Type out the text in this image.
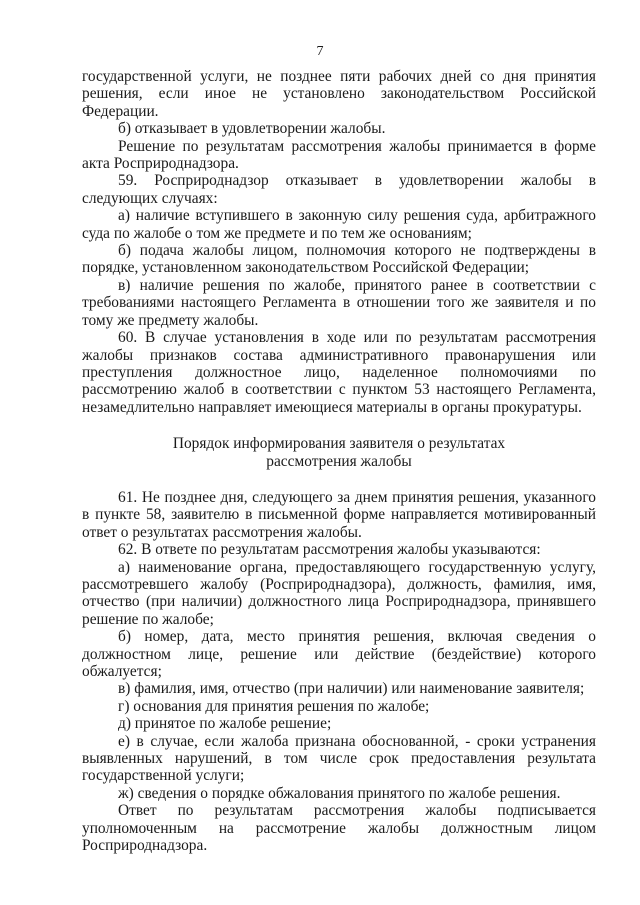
7

государственной услуги, не позднее пяти рабочих дней со дня принятия решения, если иное не установлено законодательством Российской Федерации.

б) отказывает в удовлетворении жалобы.

Решение по результатам рассмотрения жалобы принимается в форме акта Росприроднадзора.

59. Росприроднадзор отказывает в удовлетворении жалобы в следующих случаях:

а) наличие вступившего в законную силу решения суда, арбитражного суда по жалобе о том же предмете и по тем же основаниям;

б) подача жалобы лицом, полномочия которого не подтверждены в порядке, установленном законодательством Российской Федерации;

в) наличие решения по жалобе, принятого ранее в соответствии с требованиями настоящего Регламента в отношении того же заявителя и по тому же предмету жалобы.

60. В случае установления в ходе или по результатам рассмотрения жалобы признаков состава административного правонарушения или преступления должностное лицо, наделенное полномочиями по рассмотрению жалоб в соответствии с пунктом 53 настоящего Регламента, незамедлительно направляет имеющиеся материалы в органы прокуратуры.

Порядок информирования заявителя о результатах

рассмотрения жалобы

61. Не позднее дня, следующего за днем принятия решения, указанного в пункте 58, заявителю в письменной форме направляется мотивированный ответ о результатах рассмотрения жалобы.

62. В ответе по результатам рассмотрения жалобы указываются:

а) наименование органа, предоставляющего государственную услугу, рассмотревшего жалобу (Росприроднадзора), должность, фамилия, имя, отчество (при наличии) должностного лица Росприроднадзора, принявшего решение по жалобе;

б) номер, дата, место принятия решения, включая сведения о должностном лице, решение или действие (бездействие) которого обжалуется;

в) фамилия, имя, отчество (при наличии) или наименование заявителя;

г) основания для принятия решения по жалобе;

д) принятое по жалобе решение;

е) в случае, если жалоба признана обоснованной, - сроки устранения выявленных нарушений, в том числе срок предоставления результата государственной услуги;

ж) сведения о порядке обжалования принятого по жалобе решения.

Ответ по результатам рассмотрения жалобы подписывается уполномоченным на рассмотрение жалобы должностным лицом Росприроднадзора.
